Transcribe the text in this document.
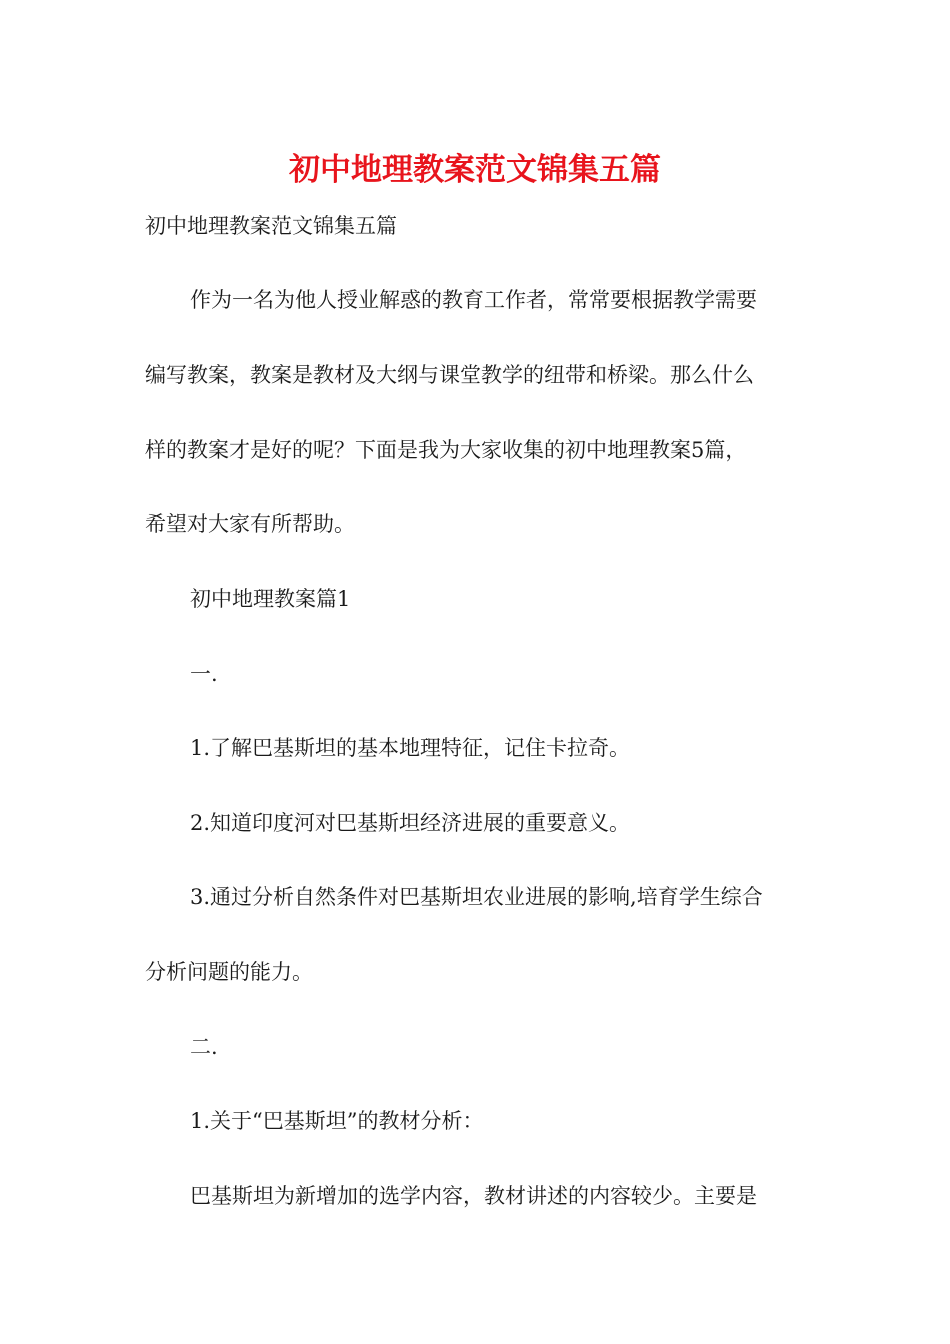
初中地理教案范文锦集五篇
初中地理教案范文锦集五篇
作为一名为他人授业解惑的教育工作者，常常要根据教学需要
编写教案，教案是教材及大纲与课堂教学的纽带和桥梁。那么什么
样的教案才是好的呢？下面是我为大家收集的初中地理教案5篇，
希望对大家有所帮助。
初中地理教案篇1
一.
1.了解巴基斯坦的基本地理特征，记住卡拉奇。
2.知道印度河对巴基斯坦经济进展的重要意义。
3.通过分析自然条件对巴基斯坦农业进展的影响,培育学生综合
分析问题的能力。
二.
1.关于“巴基斯坦”的教材分析：
巴基斯坦为新增加的选学内容，教材讲述的内容较少。主要是
